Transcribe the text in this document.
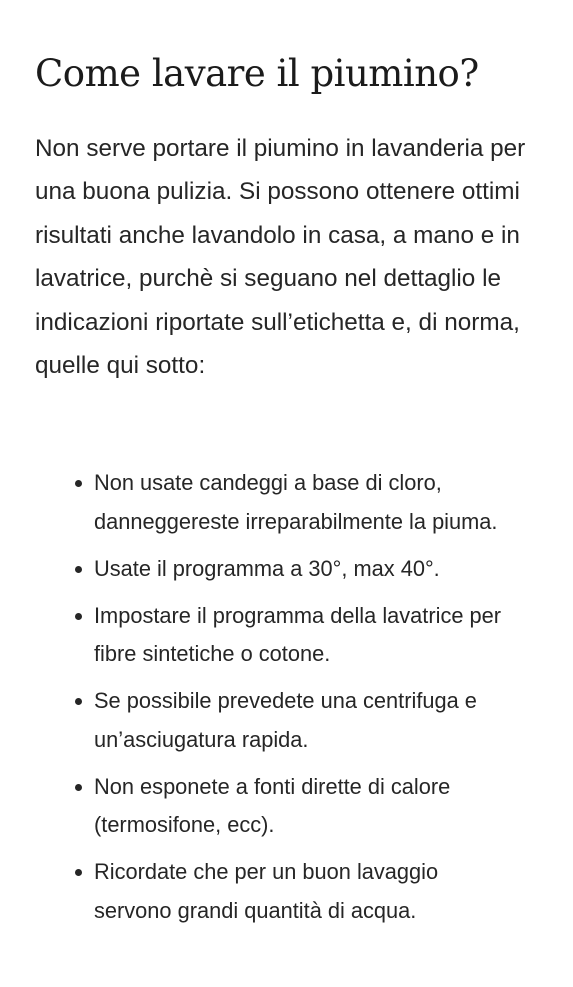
Come lavare il piumino?

Non serve portare il piumino in lavanderia per una buona pulizia. Si possono ottenere ottimi risultati anche lavandolo in casa, a mano e in lavatrice, purchè si seguano nel dettaglio le indicazioni riportate sull’etichetta e, di norma, quelle qui sotto:

Non usate candeggi a base di cloro, danneggereste irreparabilmente la piuma.
Usate il programma a 30°, max 40°.
Impostare il programma della lavatrice per fibre sintetiche o cotone.
Se possibile prevedete una centrifuga e un’asciugatura rapida.
Non esponete a fonti dirette di calore (termosifone, ecc).
Ricordate che per un buon lavaggio servono grandi quantità di acqua.
